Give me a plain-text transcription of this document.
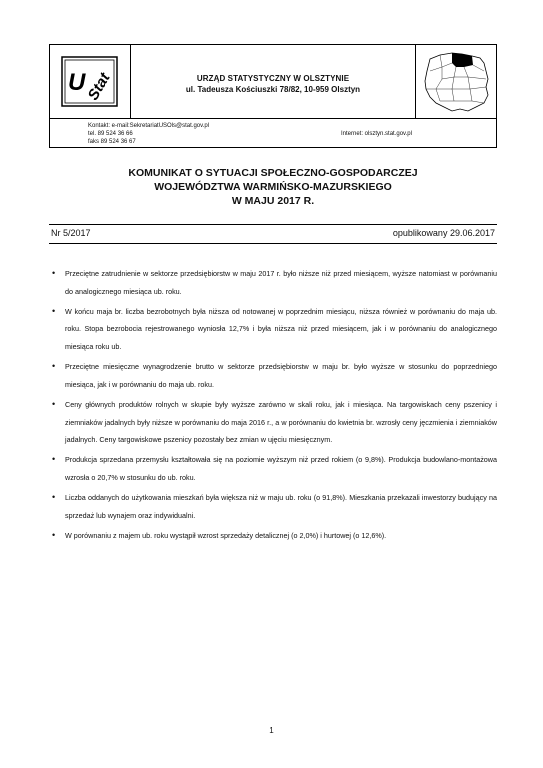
U Stat	URZĄD STATYSTYCZNY W OLSZTYNIE
ul. Tadeusza Kościuszki 78/82, 10-959 Olsztyn
Kontakt: e-mail:SekretariatUSOls@stat.gov.pl
tel. 89 524 36 66
faks 89 524 36 67
Internet: olsztyn.stat.gov.pl
KOMUNIKAT O SYTUACJI SPOŁECZNO-GOSPODARCZEJ
WOJEWÓDZTWA WARMIŃSKO-MAZURSKIEGO
W MAJU 2017 R.
Nr 5/2017	opublikowany 29.06.2017
• Przeciętne zatrudnienie w sektorze przedsiębiorstw w maju 2017 r. było niższe niż przed miesiącem, wyższe natomiast w porównaniu do analogicznego miesiąca ub. roku.
• W końcu maja br. liczba bezrobotnych była niższa od notowanej w poprzednim miesiącu, niższa również w porównaniu do maja ub. roku. Stopa bezrobocia rejestrowanego wyniosła 12,7% i była niższa niż przed miesiącem, jak i w porównaniu do analogicznego miesiąca roku ub.
• Przeciętne miesięczne wynagrodzenie brutto w sektorze przedsiębiorstw w maju br. było wyższe w stosunku do poprzedniego miesiąca, jak i w porównaniu do maja ub. roku.
• Ceny głównych produktów rolnych w skupie były wyższe zarówno w skali roku, jak i miesiąca. Na targowiskach ceny pszenicy i ziemniaków jadalnych były niższe w porównaniu do maja 2016 r., a w porównaniu do kwietnia br. wzrosły ceny jęczmienia i ziemniaków jadalnych. Ceny targowiskowe pszenicy pozostały bez zmian w ujęciu miesięcznym.
• Produkcja sprzedana przemysłu kształtowała się na poziomie wyższym niż przed rokiem (o 9,8%). Produkcja budowlano-montażowa wzrosła o 20,7% w stosunku do ub. roku.
• Liczba oddanych do użytkowania mieszkań była większa niż w maju ub. roku (o 91,8%). Mieszkania przekazali inwestorzy budujący na sprzedaż lub wynajem oraz indywidualni.
• W porównaniu z majem ub. roku wystąpił wzrost sprzedaży detalicznej (o 2,0%) i hurtowej (o 12,6%).
1
